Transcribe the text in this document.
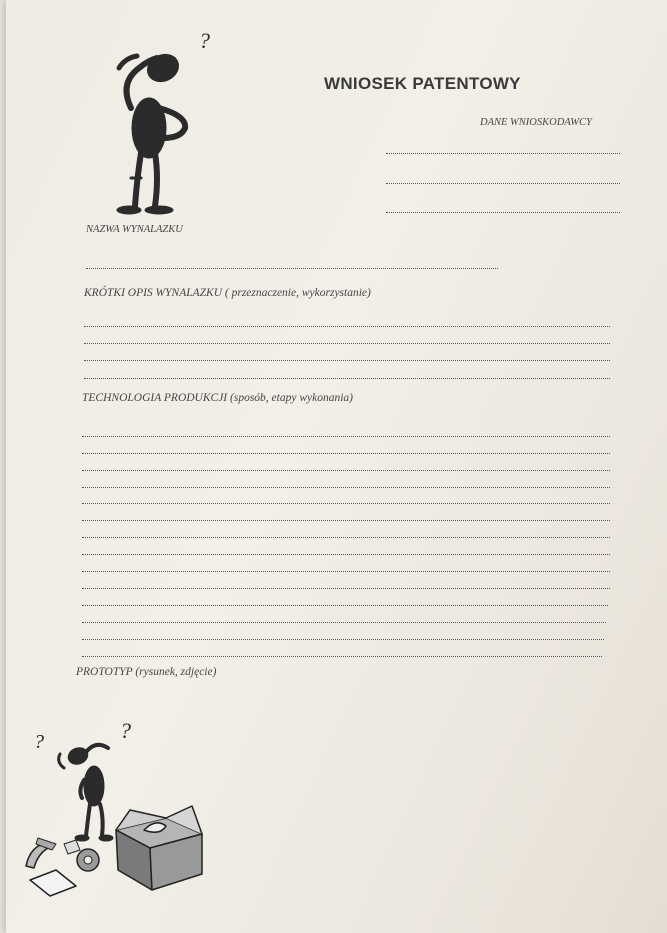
?
WNIOSEK PATENTOWY
DANE WNIOSKODAWCY
NAZWA WYNALAZKU
KRÓTKI OPIS WYNALAZKU ( przeznaczenie, wykorzystanie)
TECHNOLOGIA PRODUKCJI (sposób, etapy wykonania)
PROTOTYP (rysunek, zdjęcie)
?	?
